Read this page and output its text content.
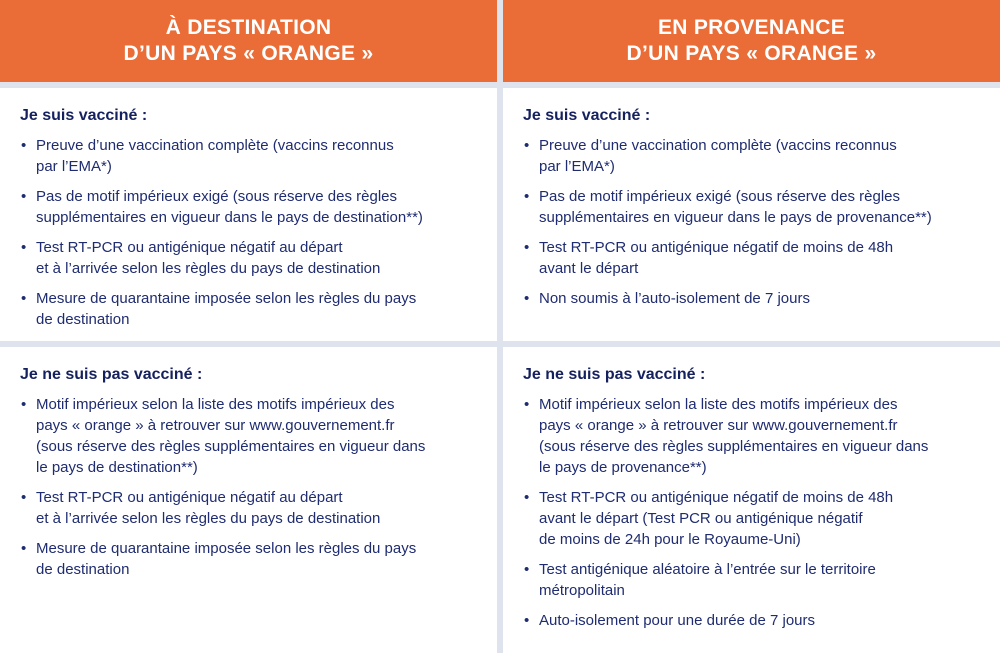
À DESTINATION
D’UN PAYS « ORANGE »
EN PROVENANCE
D’UN PAYS « ORANGE »
Je suis vacciné :
• Preuve d’une vaccination complète (vaccins reconnus
par l’EMA*)
• Pas de motif impérieux exigé (sous réserve des règles
supplémentaires en vigueur dans le pays de destination**)
• Test RT-PCR ou antigénique négatif au départ
et à l’arrivée selon les règles du pays de destination
• Mesure de quarantaine imposée selon les règles du pays
de destination
Je suis vacciné :
• Preuve d’une vaccination complète (vaccins reconnus
par l’EMA*)
• Pas de motif impérieux exigé (sous réserve des règles
supplémentaires en vigueur dans le pays de provenance**)
• Test RT-PCR ou antigénique négatif de moins de 48h
avant le départ
• Non soumis à l’auto-isolement de 7 jours
Je ne suis pas vacciné :
• Motif impérieux selon la liste des motifs impérieux des
pays « orange » à retrouver sur www.gouvernement.fr
(sous réserve des règles supplémentaires en vigueur dans
le pays de destination**)
• Test RT-PCR ou antigénique négatif au départ
et à l’arrivée selon les règles du pays de destination
• Mesure de quarantaine imposée selon les règles du pays
de destination
Je ne suis pas vacciné :
• Motif impérieux selon la liste des motifs impérieux des
pays « orange » à retrouver sur www.gouvernement.fr
(sous réserve des règles supplémentaires en vigueur dans
le pays de provenance**)
• Test RT-PCR ou antigénique négatif de moins de 48h
avant le départ (Test PCR ou antigénique négatif
de moins de 24h pour le Royaume-Uni)
• Test antigénique aléatoire à l’entrée sur le territoire
métropolitain
• Auto-isolement pour une durée de 7 jours
